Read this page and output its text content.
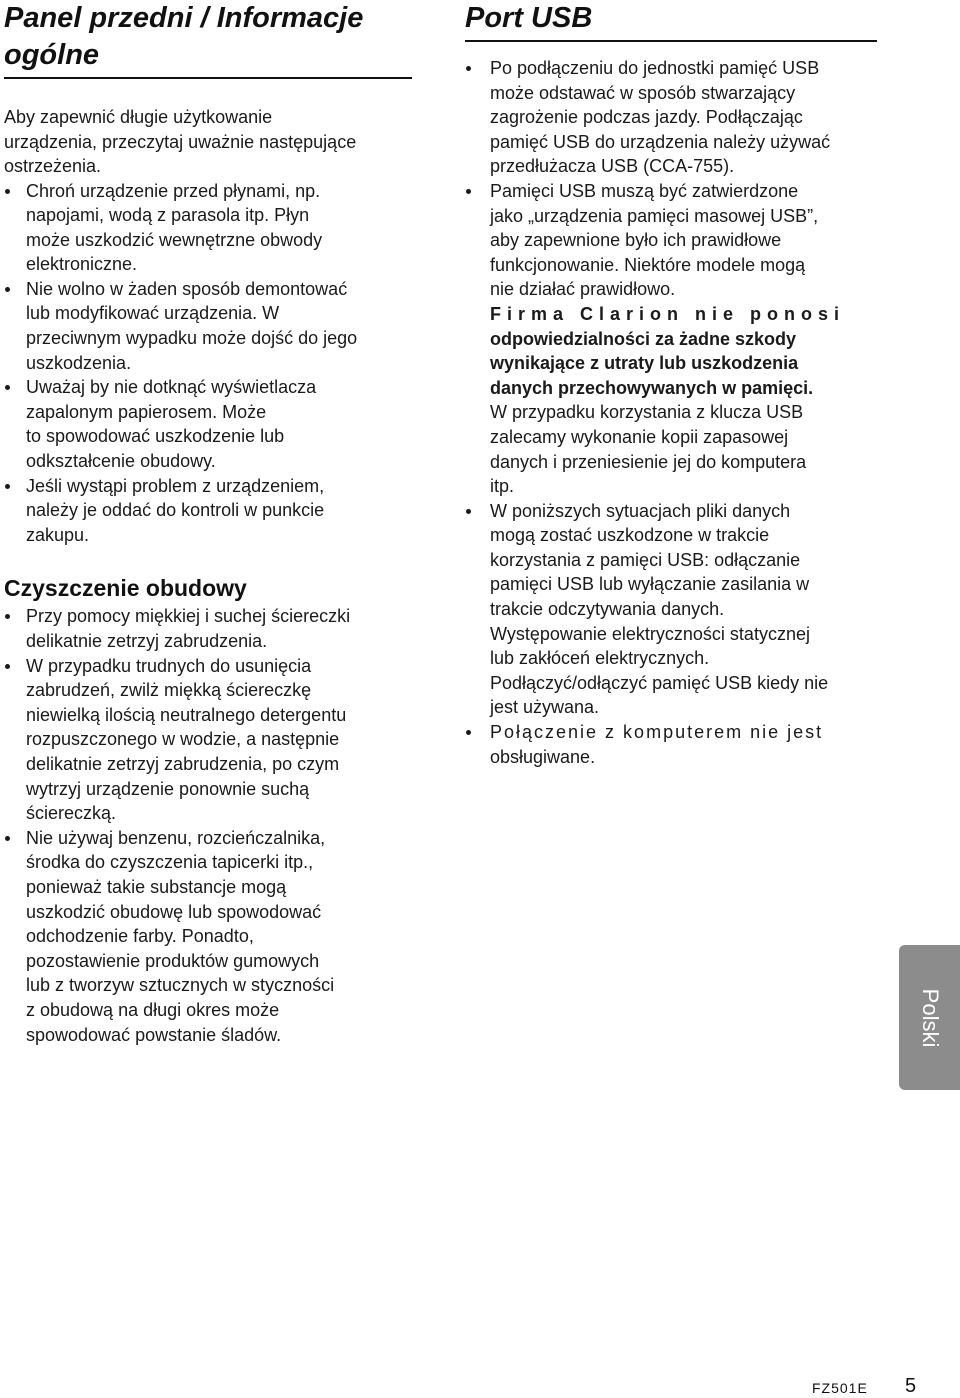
Panel przedni / Informacje
ogólne

Aby zapewnić długie użytkowanie
urządzenia, przeczytaj uważnie następujące
ostrzeżenia.

Chroń urządzenie przed płynami, np.
napojami, wodą z parasola itp. Płyn
może uszkodzić wewnętrzne obwody
elektroniczne.
Nie wolno w żaden sposób demontować
lub modyfikować urządzenia. W
przeciwnym wypadku może dojść do jego
uszkodzenia.
Uważaj by nie dotknąć wyświetlacza
zapalonym papierosem. Może
to spowodować uszkodzenie lub
odkształcenie obudowy.
Jeśli wystąpi problem z urządzeniem,
należy je oddać do kontroli w punkcie
zakupu.
Czyszczenie obudowy
Przy pomocy miękkiej i suchej ściereczki
delikatnie zetrzyj zabrudzenia.
W przypadku trudnych do usunięcia
zabrudzeń, zwilż miękką ściereczkę
niewielką ilością neutralnego detergentu
rozpuszczonego w wodzie, a następnie
delikatnie zetrzyj zabrudzenia, po czym
wytrzyj urządzenie ponownie suchą
ściereczką.
Nie używaj benzenu, rozcieńczalnika,
środka do czyszczenia tapicerki itp.,
ponieważ takie substancje mogą
uszkodzić obudowę lub spowodować
odchodzenie farby. Ponadto,
pozostawienie produktów gumowych
lub z tworzyw sztucznych w styczności
z obudową na długi okres może
spowodować powstanie śladów.
Port USB
Po podłączeniu do jednostki pamięć USB
może odstawać w sposób stwarzający
zagrożenie podczas jazdy. Podłączając
pamięć USB do urządzenia należy używać
przedłużacza USB (CCA-755).
Pamięci USB muszą być zatwierdzone
jako „urządzenia pamięci masowej USB”,
aby zapewnione było ich prawidłowe
funkcjonowanie. Niektóre modele mogą
nie działać prawidłowo.
Firma Clarion nie ponosi
odpowiedzialności za żadne szkody
wynikające z utraty lub uszkodzenia
danych przechowywanych w pamięci.
W przypadku korzystania z klucza USB
zalecamy wykonanie kopii zapasowej
danych i przeniesienie jej do komputera
itp.
W poniższych sytuacjach pliki danych
mogą zostać uszkodzone w trakcie
korzystania z pamięci USB: odłączanie
pamięci USB lub wyłączanie zasilania w
trakcie odczytywania danych.
Występowanie elektryczności statycznej
lub zakłóceń elektrycznych.
Podłączyć/odłączyć pamięć USB kiedy nie
jest używana.
Połączenie z komputerem nie jest
obsługiwane.
Polski
FZ501E 5
